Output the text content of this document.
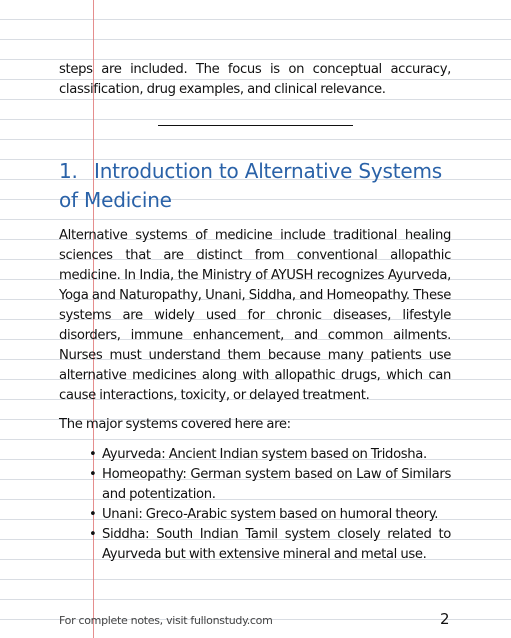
steps are included. The focus is on conceptual accuracy, classification, drug examples, and clinical relevance.

1. Introduction to Alternative Systems of Medicine

Alternative systems of medicine include traditional healing sciences that are distinct from conventional allopathic medicine. In India, the Ministry of AYUSH recognizes Ayurveda, Yoga and Naturopathy, Unani, Siddha, and Homeopathy. These systems are widely used for chronic diseases, lifestyle disorders, immune enhancement, and common ailments. Nurses must understand them because many patients use alternative medicines along with allopathic drugs, which can cause interactions, toxicity, or delayed treatment.

The major systems covered here are:

• Ayurveda: Ancient Indian system based on Tridosha.
• Homeopathy: German system based on Law of Similars and potentization.
• Unani: Greco-Arabic system based on humoral theory.
• Siddha: South Indian Tamil system closely related to Ayurveda but with extensive mineral and metal use.
For complete notes, visit fullonstudy.com	2
